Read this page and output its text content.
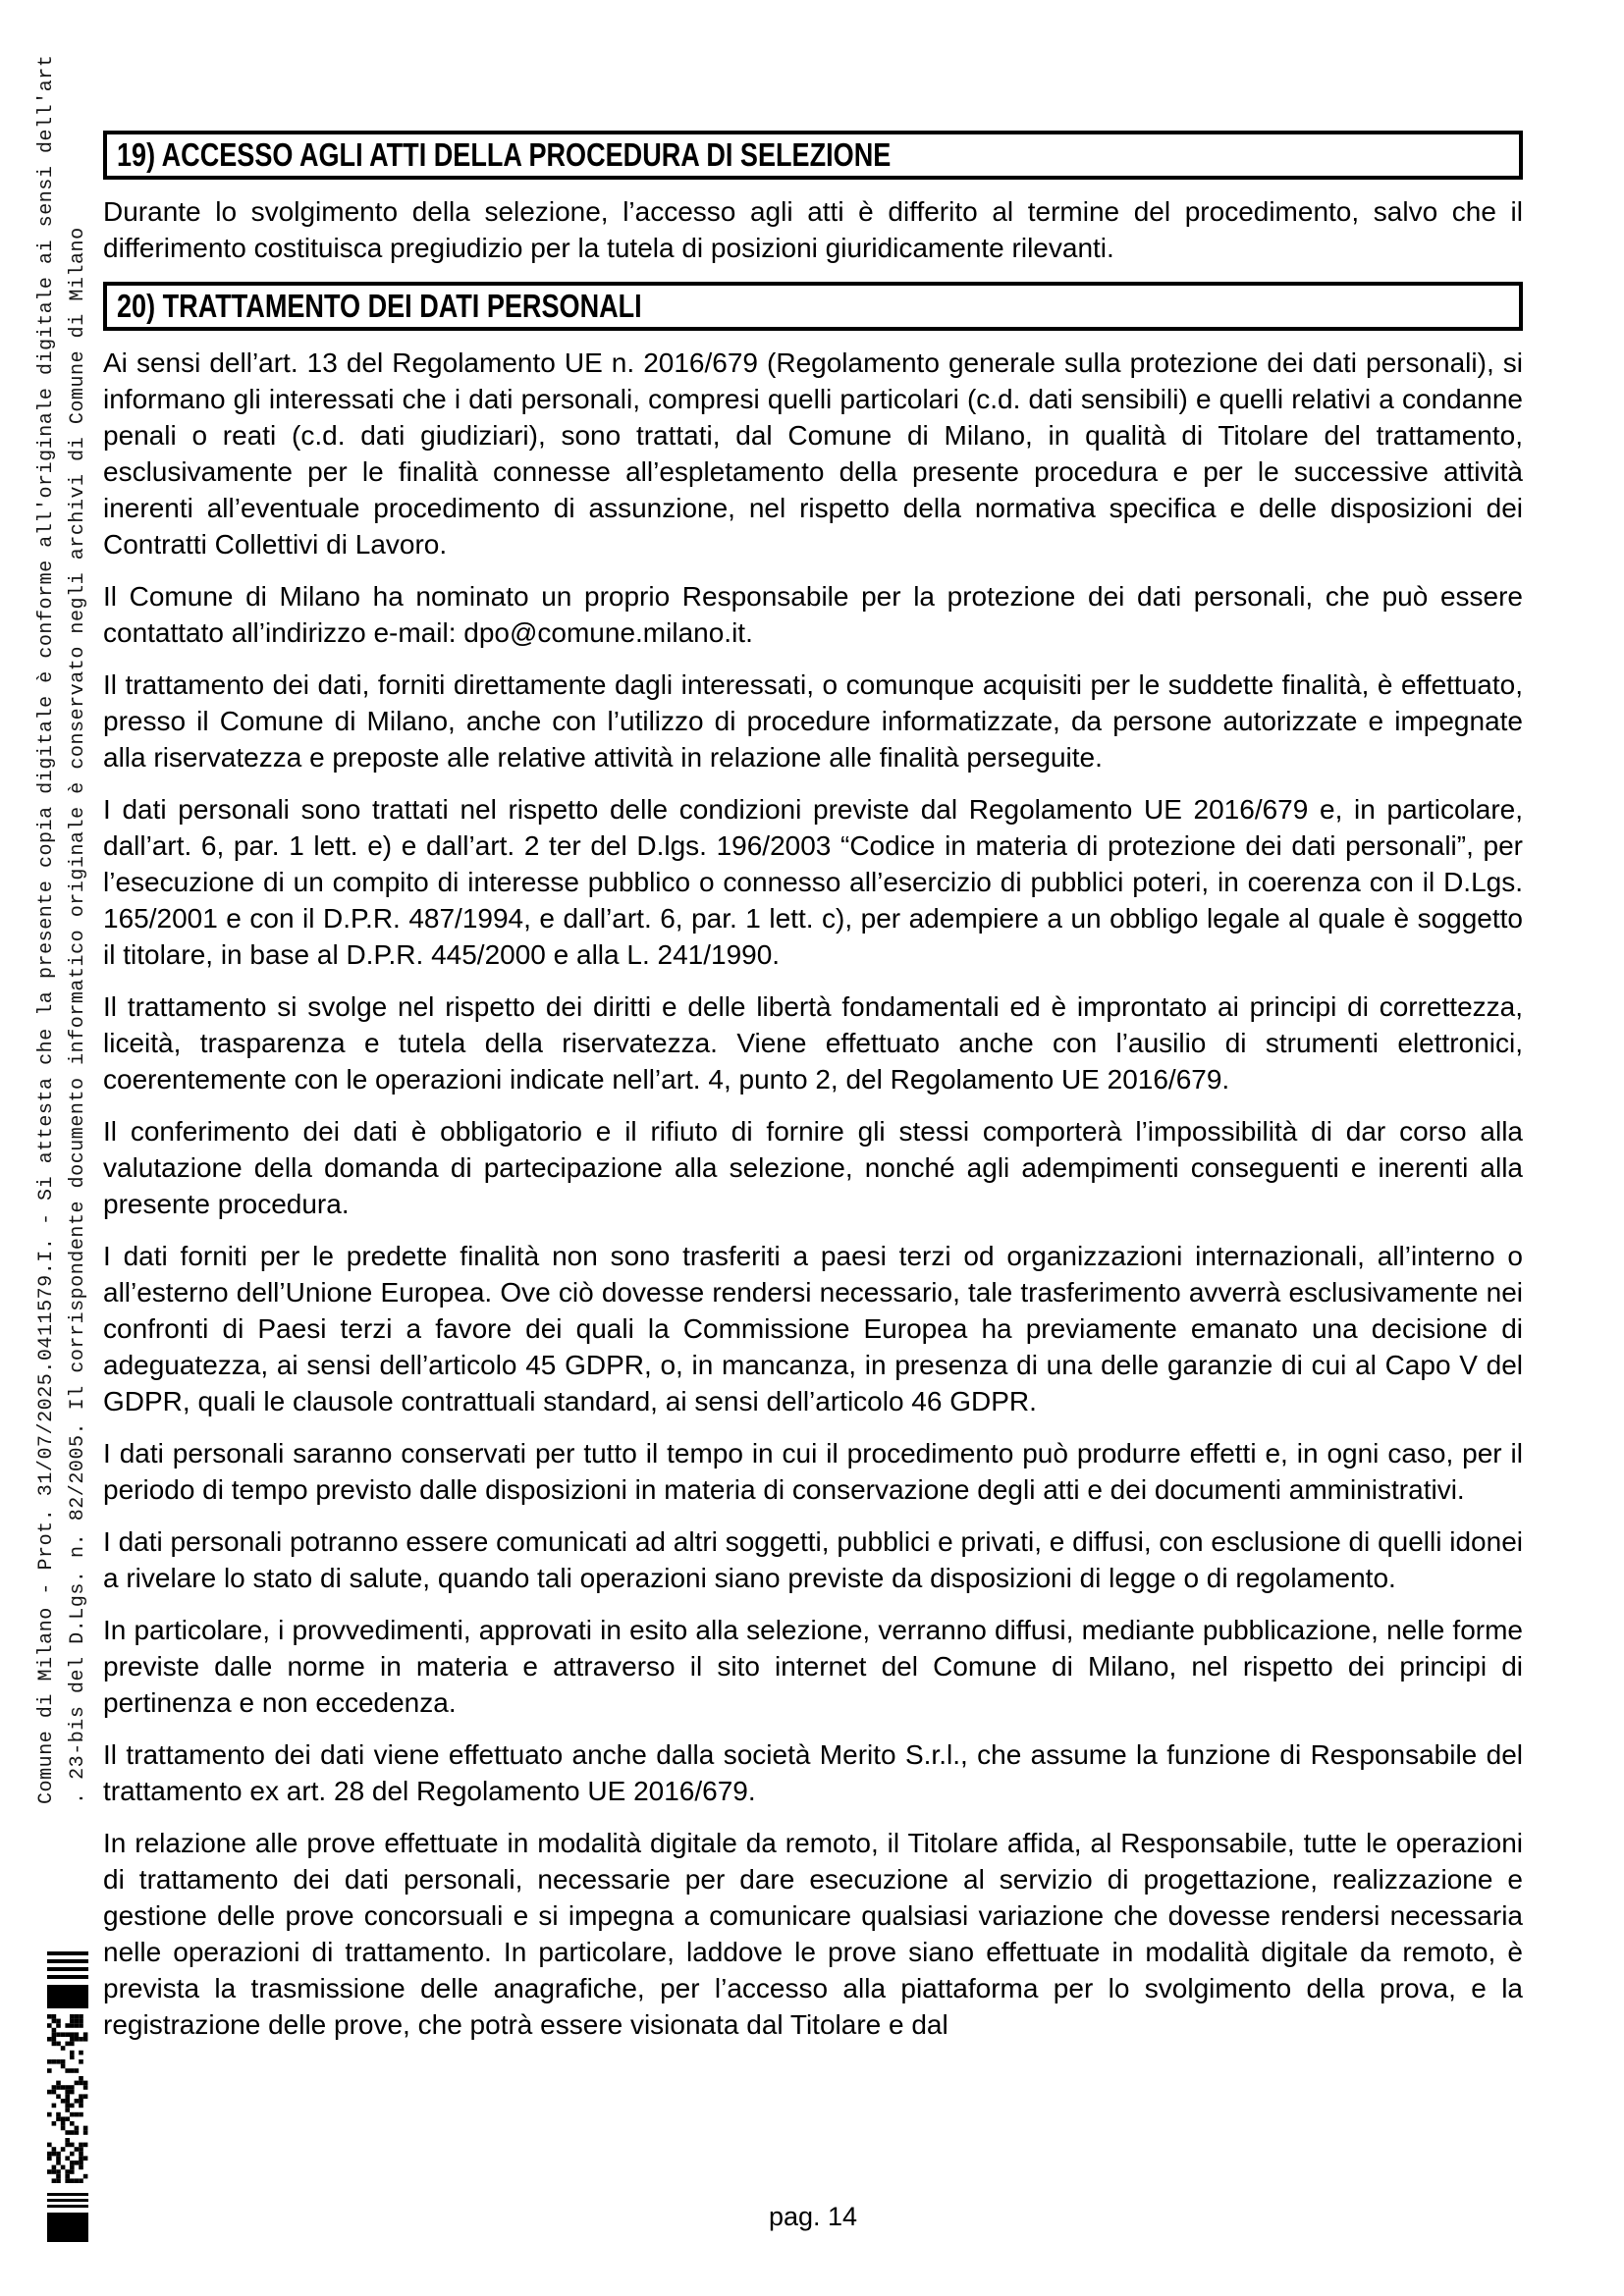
Comune di Milano - Prot. 31/07/2025.0411579.I. - Si attesta che la presente copia digitale è conforme all'originale digitale ai sensi dell'art . 23-bis del D.Lgs. n. 82/2005. Il corrispondente documento informatico originale è conservato negli archivi di Comune di Milano
19) ACCESSO AGLI ATTI DELLA PROCEDURA DI SELEZIONE

Durante lo svolgimento della selezione, l’accesso agli atti è differito al termine del procedimento, salvo che il differimento costituisca pregiudizio per la tutela di posizioni giuridicamente rilevanti.

20) TRATTAMENTO DEI DATI PERSONALI

Ai sensi dell’art. 13 del Regolamento UE n. 2016/679 (Regolamento generale sulla protezione dei dati personali), si informano gli interessati che i dati personali, compresi quelli particolari (c.d. dati sensibili) e quelli relativi a condanne penali o reati (c.d. dati giudiziari), sono trattati, dal Comune di Milano, in qualità di Titolare del trattamento, esclusivamente per le finalità connesse all’espletamento della presente procedura e per le successive attività inerenti all’eventuale procedimento di assunzione, nel rispetto della normativa specifica e delle disposizioni dei Contratti Collettivi di Lavoro.

Il Comune di Milano ha nominato un proprio Responsabile per la protezione dei dati personali, che può essere contattato all’indirizzo e-mail: dpo@comune.milano.it.

Il trattamento dei dati, forniti direttamente dagli interessati, o comunque acquisiti per le suddette finalità, è effettuato, presso il Comune di Milano, anche con l’utilizzo di procedure informatizzate, da persone autorizzate e impegnate alla riservatezza e preposte alle relative attività in relazione alle finalità perseguite.

I dati personali sono trattati nel rispetto delle condizioni previste dal Regolamento UE 2016/679 e, in particolare, dall’art. 6, par. 1 lett. e) e dall’art. 2 ter del D.lgs. 196/2003 “Codice in materia di protezione dei dati personali”, per l’esecuzione di un compito di interesse pubblico o connesso all’esercizio di pubblici poteri, in coerenza con il D.Lgs. 165/2001 e con il D.P.R. 487/1994, e dall’art. 6, par. 1 lett. c), per adempiere a un obbligo legale al quale è soggetto il titolare, in base al D.P.R. 445/2000 e alla L. 241/1990.

Il trattamento si svolge nel rispetto dei diritti e delle libertà fondamentali ed è improntato ai principi di correttezza, liceità, trasparenza e tutela della riservatezza. Viene effettuato anche con l’ausilio di strumenti elettronici, coerentemente con le operazioni indicate nell’art. 4, punto 2, del Regolamento UE 2016/679.

Il conferimento dei dati è obbligatorio e il rifiuto di fornire gli stessi comporterà l’impossibilità di dar corso alla valutazione della domanda di partecipazione alla selezione, nonché agli adempimenti conseguenti e inerenti alla presente procedura.

I dati forniti per le predette finalità non sono trasferiti a paesi terzi od organizzazioni internazionali, all’interno o all’esterno dell’Unione Europea. Ove ciò dovesse rendersi necessario, tale trasferimento avverrà esclusivamente nei confronti di Paesi terzi a favore dei quali la Commissione Europea ha previamente emanato una decisione di adeguatezza, ai sensi dell’articolo 45 GDPR, o, in mancanza, in presenza di una delle garanzie di cui al Capo V del GDPR, quali le clausole contrattuali standard, ai sensi dell’articolo 46 GDPR.

I dati personali saranno conservati per tutto il tempo in cui il procedimento può produrre effetti e, in ogni caso, per il periodo di tempo previsto dalle disposizioni in materia di conservazione degli atti e dei documenti amministrativi.

I dati personali potranno essere comunicati ad altri soggetti, pubblici e privati, e diffusi, con esclusione di quelli idonei a rivelare lo stato di salute, quando tali operazioni siano previste da disposizioni di legge o di regolamento.

In particolare, i provvedimenti, approvati in esito alla selezione, verranno diffusi, mediante pubblicazione, nelle forme previste dalle norme in materia e attraverso il sito internet del Comune di Milano, nel rispetto dei principi di pertinenza e non eccedenza.

Il trattamento dei dati viene effettuato anche dalla società Merito S.r.l., che assume la funzione di Responsabile del trattamento ex art. 28 del Regolamento UE 2016/679.

In relazione alle prove effettuate in modalità digitale da remoto, il Titolare affida, al Responsabile, tutte le operazioni di trattamento dei dati personali, necessarie per dare esecuzione al servizio di progettazione, realizzazione e gestione delle prove concorsuali e si impegna a comunicare qualsiasi variazione che dovesse rendersi necessaria nelle operazioni di trattamento. In particolare, laddove le prove siano effettuate in modalità digitale da remoto, è prevista la trasmissione delle anagrafiche, per l’accesso alla piattaforma per lo svolgimento della prova, e la registrazione delle prove, che potrà essere visionata dal Titolare e dal

pag. 14
